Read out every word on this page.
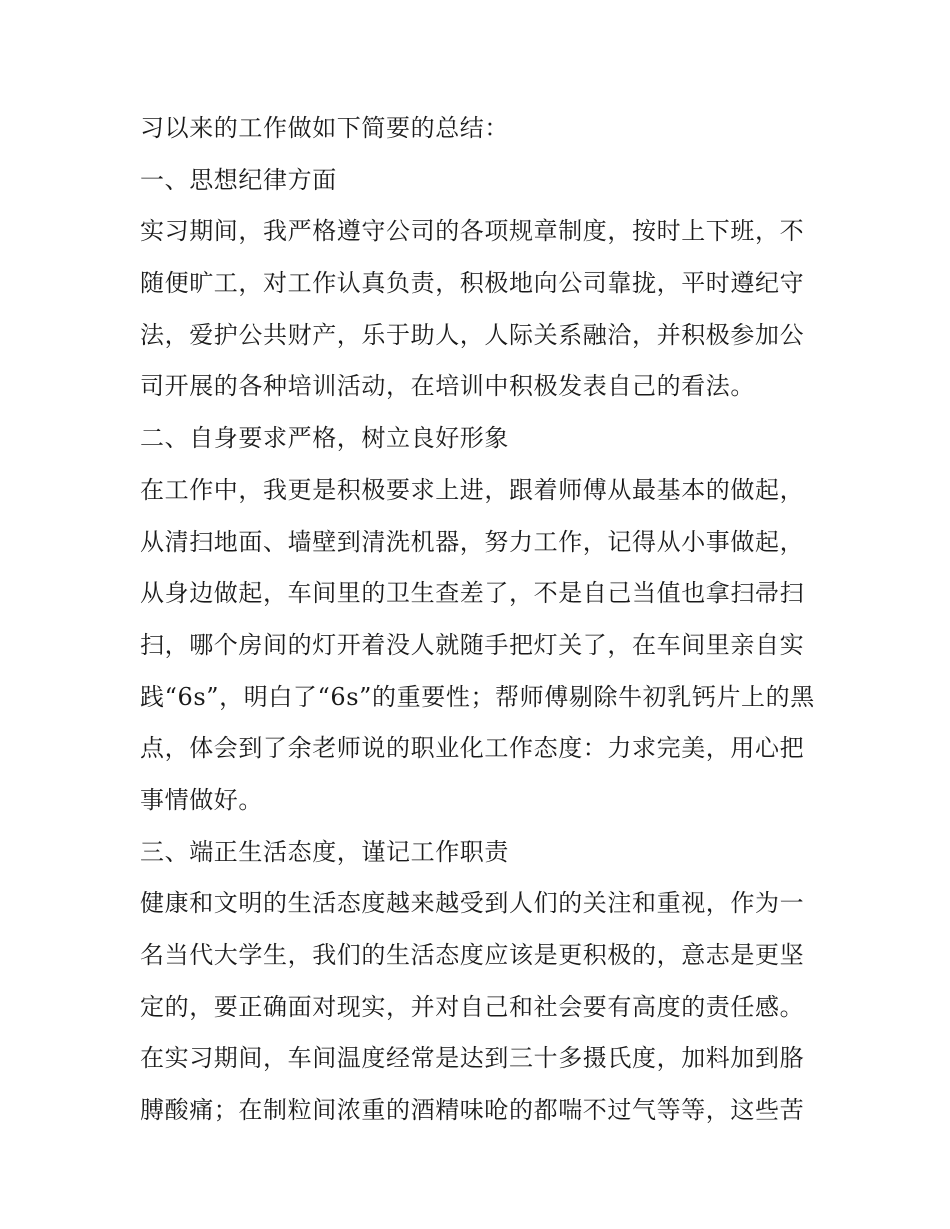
习以来的工作做如下简要的总结：
一、思想纪律方面
实习期间，我严格遵守公司的各项规章制度，按时上下班，不
随便旷工，对工作认真负责，积极地向公司靠拢，平时遵纪守
法，爱护公共财产，乐于助人，人际关系融洽，并积极参加公
司开展的各种培训活动，在培训中积极发表自己的看法。
二、自身要求严格，树立良好形象
在工作中，我更是积极要求上进，跟着师傅从最基本的做起，
从清扫地面、墙壁到清洗机器，努力工作，记得从小事做起，
从身边做起，车间里的卫生查差了，不是自己当值也拿扫帚扫
扫，哪个房间的灯开着没人就随手把灯关了，在车间里亲自实
践“6s”，明白了“6s”的重要性；帮师傅剔除牛初乳钙片上的黑
点，体会到了余老师说的职业化工作态度：力求完美，用心把
事情做好。
三、端正生活态度，谨记工作职责
健康和文明的生活态度越来越受到人们的关注和重视，作为一
名当代大学生，我们的生活态度应该是更积极的，意志是更坚
定的，要正确面对现实，并对自己和社会要有高度的责任感。
在实习期间，车间温度经常是达到三十多摄氏度，加料加到胳
膊酸痛；在制粒间浓重的酒精味呛的都喘不过气等等，这些苦
